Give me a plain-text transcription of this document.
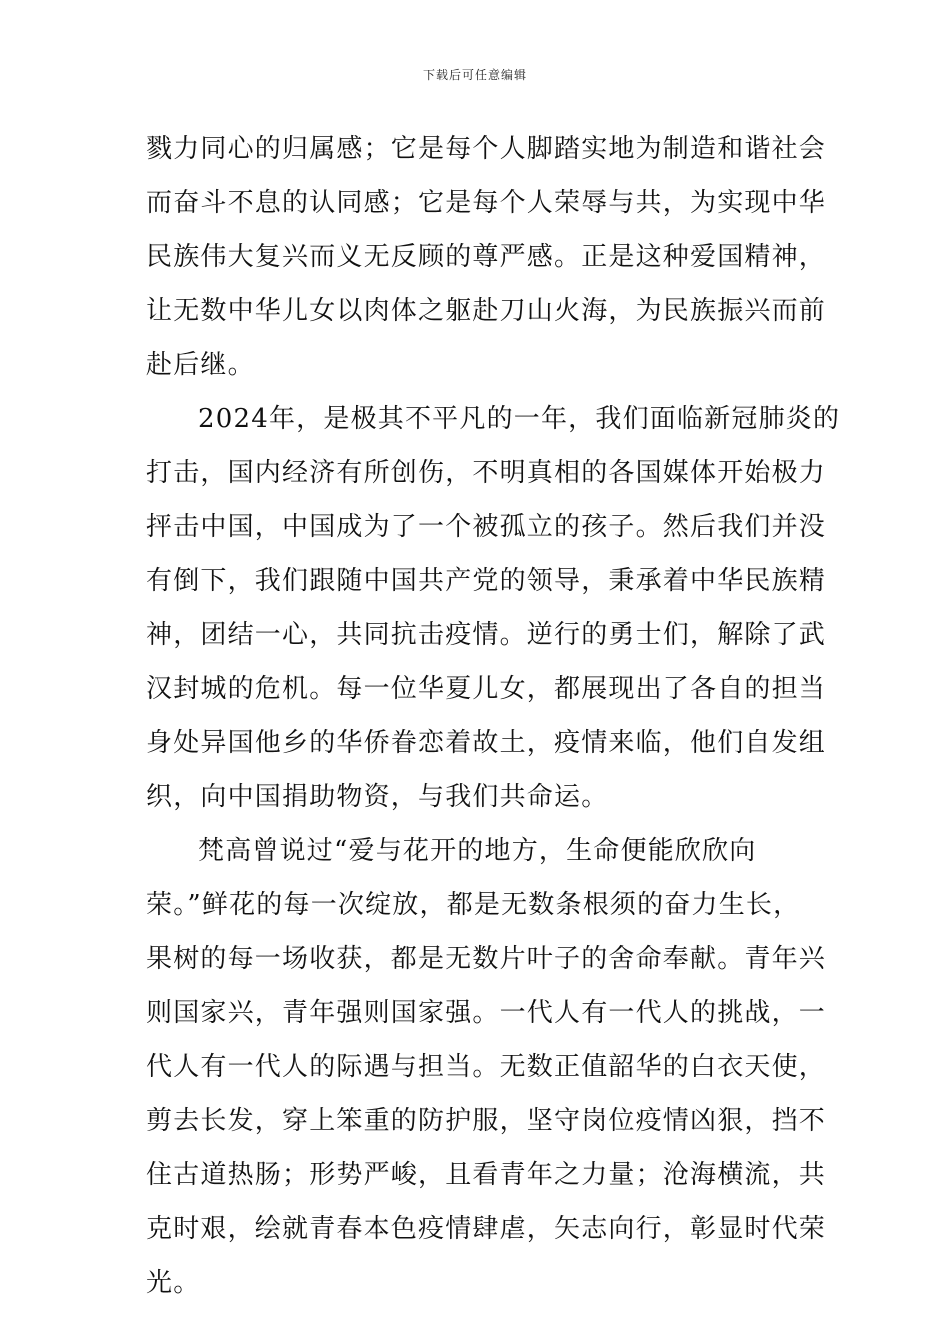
下载后可任意编辑
戮力同心的归属感；它是每个人脚踏实地为制造和谐社会
而奋斗不息的认同感；它是每个人荣辱与共，为实现中华
民族伟大复兴而义无反顾的尊严感。正是这种爱国精神，
让无数中华儿女以肉体之躯赴刀山火海，为民族振兴而前
赴后继。
2024年，是极其不平凡的一年，我们面临新冠肺炎的
打击，国内经济有所创伤，不明真相的各国媒体开始极力
抨击中国，中国成为了一个被孤立的孩子。然后我们并没
有倒下，我们跟随中国共产党的领导，秉承着中华民族精
神，团结一心，共同抗击疫情。逆行的勇士们，解除了武
汉封城的危机。每一位华夏儿女，都展现出了各自的担当
身处异国他乡的华侨眷恋着故土，疫情来临，他们自发组
织，向中国捐助物资，与我们共命运。
梵高曾说过“爱与花开的地方，生命便能欣欣向
荣。”鲜花的每一次绽放，都是无数条根须的奋力生长，
果树的每一场收获，都是无数片叶子的舍命奉献。青年兴
则国家兴，青年强则国家强。一代人有一代人的挑战，一
代人有一代人的际遇与担当。无数正值韶华的白衣天使，
剪去长发，穿上笨重的防护服，坚守岗位疫情凶狠，挡不
住古道热肠；形势严峻，且看青年之力量；沧海横流，共
克时艰，绘就青春本色疫情肆虐，矢志向行，彰显时代荣
光。
